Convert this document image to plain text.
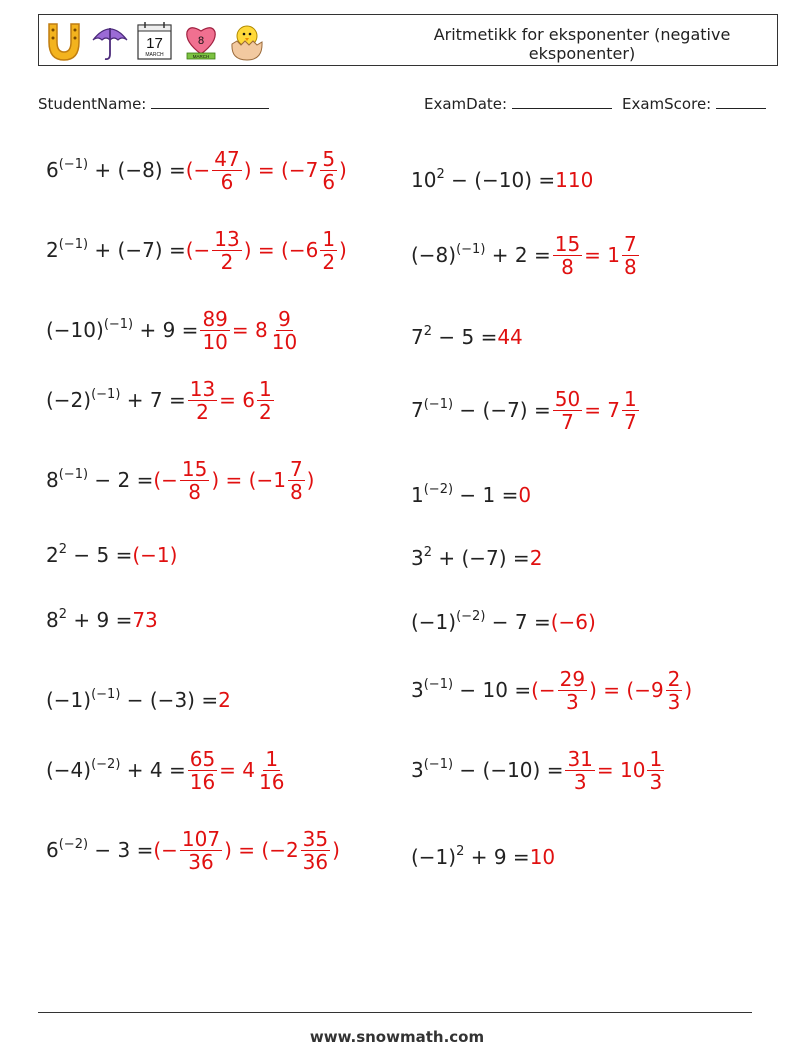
17
MARCH
8
MARCH
Aritmetikk for eksponenter (negative eksponenter)
StudentName:	ExamDate:	ExamScore:
$6^{(-1)} + (-8)$ = (− $\frac{47}{6}$ ) = ($-7 \frac{5}{6}$ )
$2^{(-1)} + (-7)$ = (− $\frac{13}{2}$ ) = ($-6 \frac{1}{2}$ )
$(-10)^{(-1)} + 9 = \frac{89}{10} = 8 \frac{9}{10}$
$(-2)^{(-1)} + 7 = \frac{13}{2} = 6 \frac{1}{2}$
$8^{(-1)} - 2$ = (− $\frac{15}{8}$ ) = ($-1 \frac{7}{8}$ )
$2^2 - 5 = (-1)$
$8^2 + 9 = 73$
$(-1)^{(-1)} - (-3) = 2$
$(-4)^{(-2)} + 4 = \frac{65}{16} = 4 \frac{1}{16}$
$6^{(-2)} - 3$ = (− $\frac{107}{36}$ ) = ($-2 \frac{35}{36}$ )
$10^2 - (-10) = 110$
$(-8)^{(-1)} + 2 = \frac{15}{8} = 1 \frac{7}{8}$
$7^2 - 5 = 44$
$7^{(-1)} - (-7) = \frac{50}{7} = 7 \frac{1}{7}$
$1^{(-2)} - 1 = 0$
$3^2 + (-7) = 2$
$(-1)^{(-2)} - 7 = (-6)$
$3^{(-1)} - 10$ = (− $\frac{29}{3}$ ) = ($-9 \frac{2}{3}$ )
$3^{(-1)} - (-10) = \frac{31}{3} = 10 \frac{1}{3}$
$(-1)^2 + 9 = 10$
www.snowmath.com
